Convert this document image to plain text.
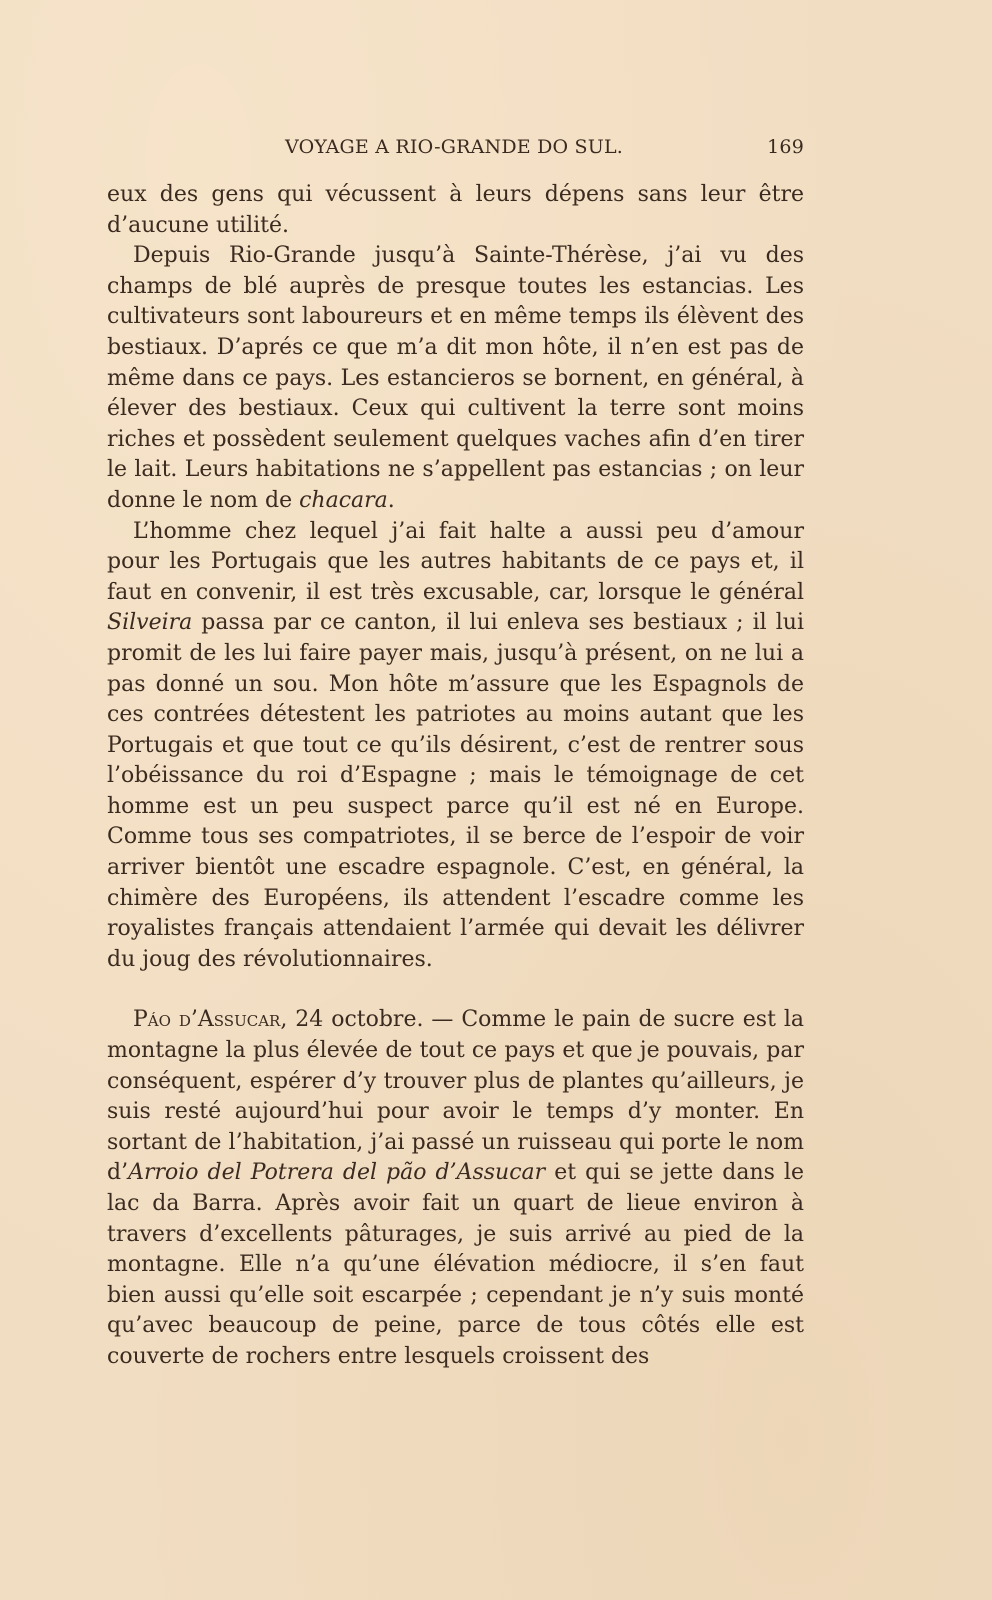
VOYAGE A RIO-GRANDE DO SUL.	169

eux des gens qui vécussent à leurs dépens sans leur être d’aucune utilité.

Depuis Rio-Grande jusqu’à Sainte-Thérèse, j’ai vu des champs de blé auprès de presque toutes les estancias. Les cultivateurs sont laboureurs et en même temps ils élèvent des bestiaux. D’aprés ce que m’a dit mon hôte, il n’en est pas de même dans ce pays. Les estancieros se bornent, en général, à élever des bestiaux. Ceux qui cultivent la terre sont moins riches et possèdent seulement quelques vaches afin d’en tirer le lait. Leurs habitations ne s’appellent pas estancias ; on leur donne le nom de chacara.

L’homme chez lequel j’ai fait halte a aussi peu d’amour pour les Portugais que les autres habitants de ce pays et, il faut en convenir, il est très excusable, car, lorsque le général Silveira passa par ce canton, il lui enleva ses bestiaux ; il lui promit de les lui faire payer mais, jusqu’à présent, on ne lui a pas donné un sou. Mon hôte m’assure que les Espagnols de ces contrées détestent les patriotes au moins autant que les Portugais et que tout ce qu’ils désirent, c’est de rentrer sous l’obéissance du roi d’Espagne ; mais le témoignage de cet homme est un peu suspect parce qu’il est né en Europe. Comme tous ses compatriotes, il se berce de l’espoir de voir arriver bientôt une escadre espagnole. C’est, en général, la chimère des Européens, ils attendent l’escadre comme les royalistes français attendaient l’armée qui devait les délivrer du joug des révolutionnaires.

Páo d’Assucar, 24 octobre. — Comme le pain de sucre est la montagne la plus élevée de tout ce pays et que je pouvais, par conséquent, espérer d’y trouver plus de plantes qu’ailleurs, je suis resté aujourd’hui pour avoir le temps d’y monter. En sortant de l’habitation, j’ai passé un ruisseau qui porte le nom d’Arroio del Potrera del pão d’Assucar et qui se jette dans le lac da Barra. Après avoir fait un quart de lieue environ à travers d’excellents pâturages, je suis arrivé au pied de la montagne. Elle n’a qu’une élévation médiocre, il s’en faut bien aussi qu’elle soit escarpée ; cependant je n’y suis monté qu’avec beaucoup de peine, parce de tous côtés elle est couverte de rochers entre lesquels croissent des
